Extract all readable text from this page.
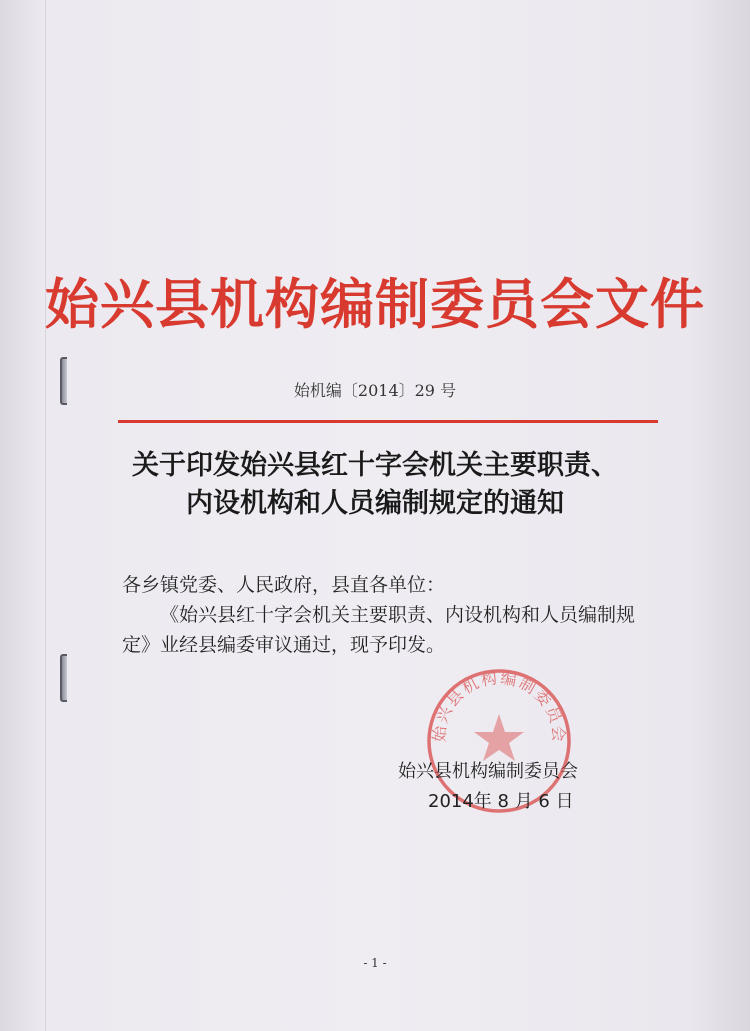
始兴县机构编制委员会文件
始机编〔2014〕29 号
关于印发始兴县红十字会机关主要职责、
内设机构和人员编制规定的通知
各乡镇党委、人民政府，县直各单位：
《始兴县红十字会机关主要职责、内设机构和人员编制规
定》业经县编委审议通过，现予印发。
始兴县机构编制委员会
始兴县机构编制委员会
2014年 8 月 6 日
- 1 -
